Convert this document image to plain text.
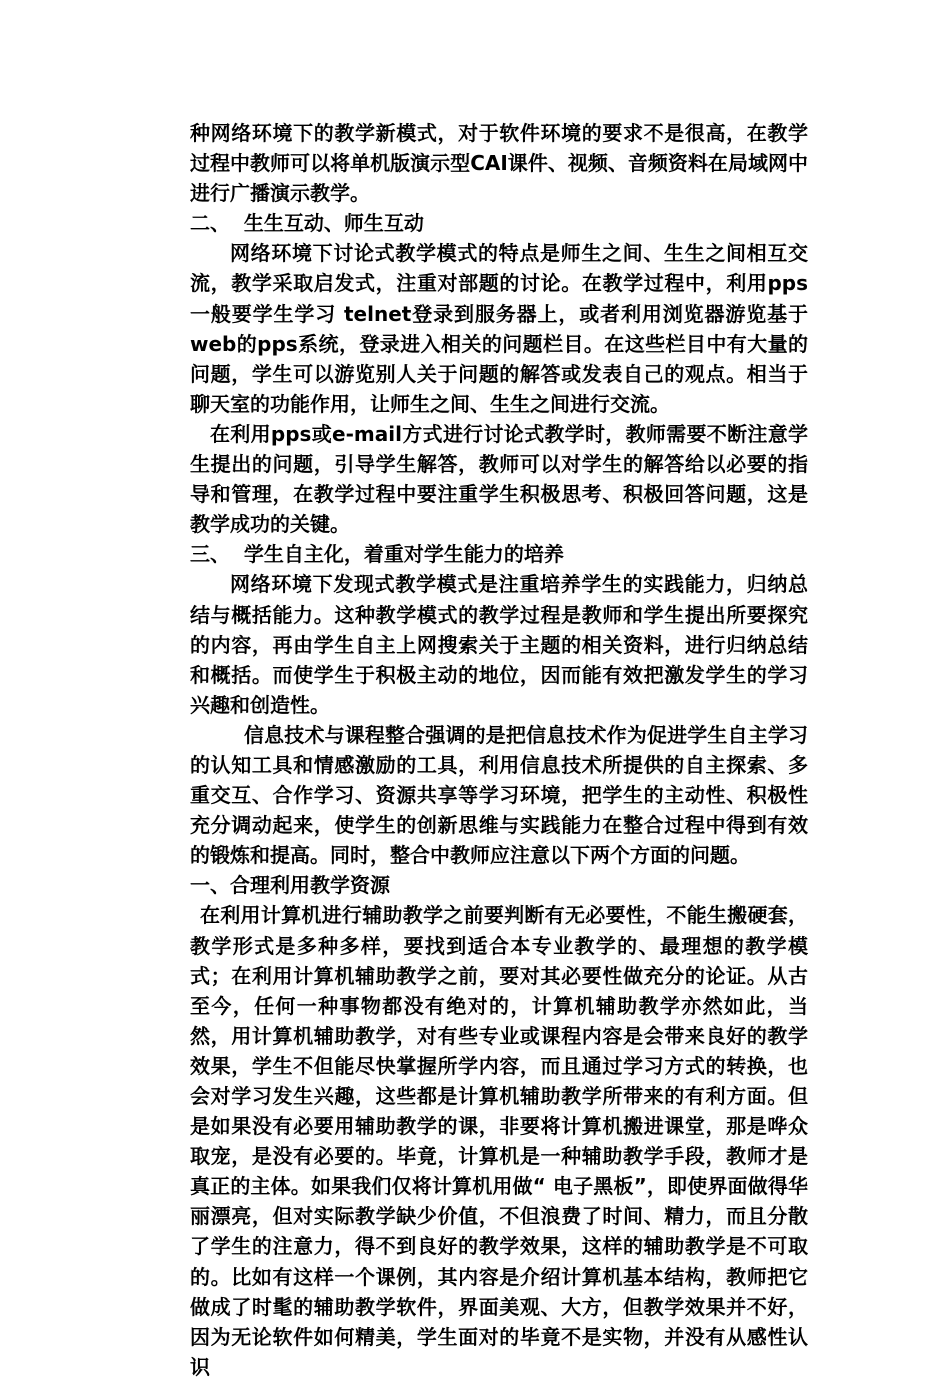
种网络环境下的教学新模式，对于软件环境的要求不是很高，在教学过程中教师可以将单机版演示型CAI课件、视频、音频资料在局域网中进行广播演示教学。

二、  生生互动、师生互动

网络环境下讨论式教学模式的特点是师生之间、生生之间相互交流，教学采取启发式，注重对部题的讨论。在教学过程中，利用pps一般要学生学习 telnet登录到服务器上，或者利用浏览器游览基于web的pps系统，登录进入相关的问题栏目。在这些栏目中有大量的问题，学生可以游览别人关于问题的解答或发表自己的观点。相当于聊天室的功能作用，让师生之间、生生之间进行交流。

在利用pps或e-mail方式进行讨论式教学时，教师需要不断注意学生提出的问题，引导学生解答，教师可以对学生的解答给以必要的指导和管理，在教学过程中要注重学生积极思考、积极回答问题，这是教学成功的关键。

三、  学生自主化，着重对学生能力的培养

网络环境下发现式教学模式是注重培养学生的实践能力，归纳总结与概括能力。这种教学模式的教学过程是教师和学生提出所要探究的内容，再由学生自主上网搜索关于主题的相关资料，进行归纳总结和概括。而使学生于积极主动的地位，因而能有效把激发学生的学习兴趣和创造性。

信息技术与课程整合强调的是把信息技术作为促进学生自主学习的认知工具和情感激励的工具，利用信息技术所提供的自主探索、多重交互、合作学习、资源共享等学习环境，把学生的主动性、积极性充分调动起来，使学生的创新思维与实践能力在整合过程中得到有效的锻炼和提高。同时，整合中教师应注意以下两个方面的问题。

一、合理利用教学资源

在利用计算机进行辅助教学之前要判断有无必要性，不能生搬硬套，教学形式是多种多样，要找到适合本专业教学的、最理想的教学模式；在利用计算机辅助教学之前，要对其必要性做充分的论证。从古至今，任何一种事物都没有绝对的，计算机辅助教学亦然如此，当然，用计算机辅助教学，对有些专业或课程内容是会带来良好的教学效果，学生不但能尽快掌握所学内容，而且通过学习方式的转换，也会对学习发生兴趣，这些都是计算机辅助教学所带来的有利方面。但是如果没有必要用辅助教学的课，非要将计算机搬进课堂，那是哗众取宠，是没有必要的。毕竟，计算机是一种辅助教学手段，教师才是真正的主体。如果我们仅将计算机用做“ 电子黑板”，即使界面做得华丽漂亮，但对实际教学缺少价值，不但浪费了时间、精力，而且分散了学生的注意力，得不到良好的教学效果，这样的辅助教学是不可取的。比如有这样一个课例，其内容是介绍计算机基本结构，教师把它做成了时髦的辅助教学软件，界面美观、大方，但教学效果并不好，因为无论软件如何精美，学生面对的毕竟不是实物，并没有从感性认识
